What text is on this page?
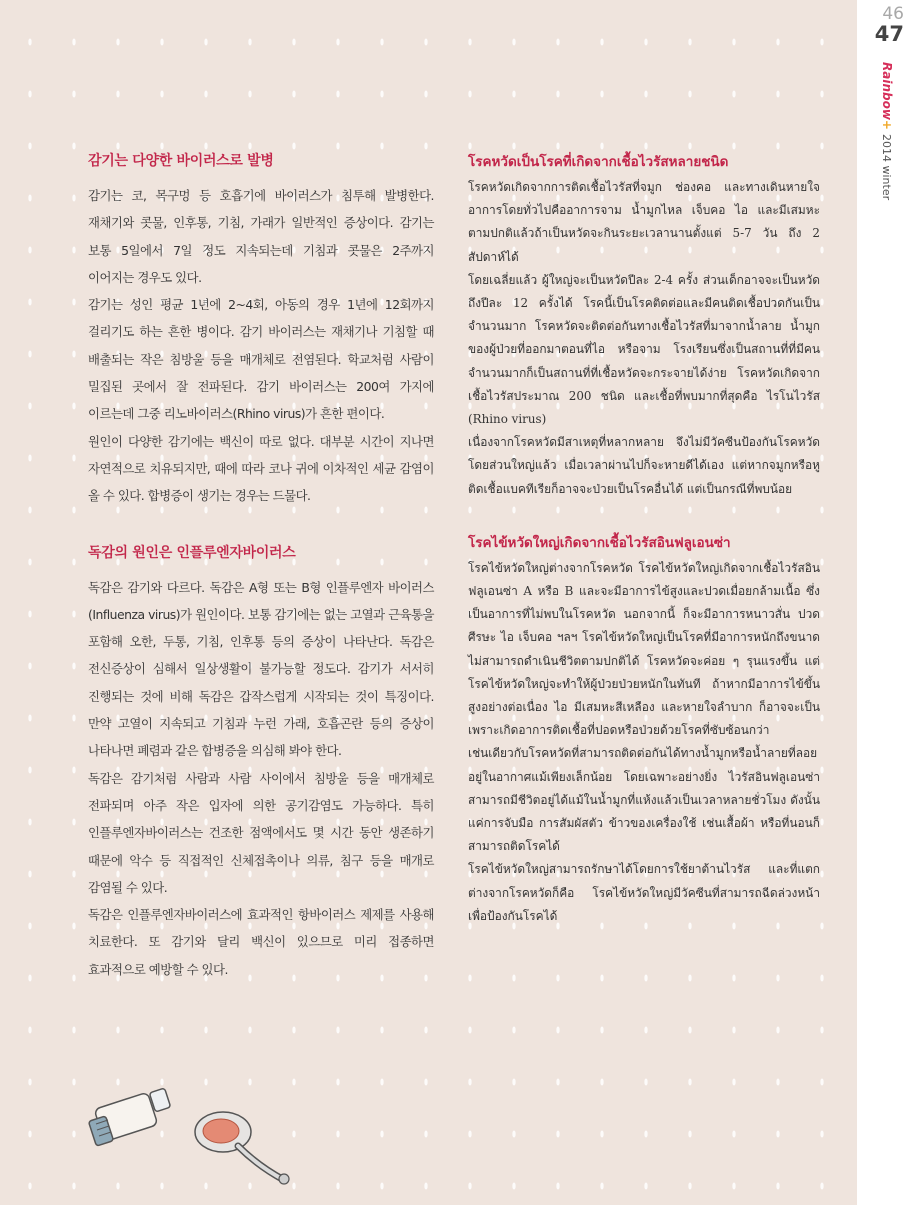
46
47
Rainbow+2014 winter
감기는 다양한 바이러스로 발병

감기는 코, 목구멍 등 호흡기에 바이러스가 침투해 발병한다. 재채기와 콧물, 인후통, 기침, 가래가 일반적인 증상이다. 감기는 보통 5일에서 7일 정도 지속되는데 기침과 콧물은 2주까지 이어지는 경우도 있다.

감기는 성인 평균 1년에 2~4회, 아동의 경우 1년에 12회까지 걸리기도 하는 흔한 병이다. 감기 바이러스는 재채기나 기침할 때 배출되는 작은 침방울 등을 매개체로 전염된다. 학교처럼 사람이 밀집된 곳에서 잘 전파된다. 감기 바이러스는 200여 가지에 이르는데 그중 리노바이러스(Rhino virus)가 흔한 편이다.

원인이 다양한 감기에는 백신이 따로 없다. 대부분 시간이 지나면 자연적으로 치유되지만, 때에 따라 코나 귀에 이차적인 세균 감염이 올 수 있다. 합병증이 생기는 경우는 드물다.

독감의 원인은 인플루엔자바이러스

독감은 감기와 다르다. 독감은 A형 또는 B형 인플루엔자 바이러스(Influenza virus)가 원인이다. 보통 감기에는 없는 고열과 근육통을 포함해 오한, 두통, 기침, 인후통 등의 증상이 나타난다. 독감은 전신증상이 심해서 일상생활이 불가능할 정도다. 감기가 서서히 진행되는 것에 비해 독감은 갑작스럽게 시작되는 것이 특징이다. 만약 고열이 지속되고 기침과 누런 가래, 호흡곤란 등의 증상이 나타나면 폐렴과 같은 합병증을 의심해 봐야 한다.

독감은 감기처럼 사람과 사람 사이에서 침방울 등을 매개체로 전파되며 아주 작은 입자에 의한 공기감염도 가능하다. 특히 인플루엔자바이러스는 건조한 점액에서도 몇 시간 동안 생존하기 때문에 악수 등 직접적인 신체접촉이나 의류, 침구 등을 매개로 감염될 수 있다.

독감은 인플루엔자바이러스에 효과적인 항바이러스 제제를 사용해 치료한다. 또 감기와 달리 백신이 있으므로 미리 접종하면 효과적으로 예방할 수 있다.

โรคหวัดเป็นโรคที่เกิดจากเชื้อไวรัสหลายชนิด

โรคหวัดเกิดจากการติดเชื้อไวรัสที่จมูก ช่องคอ และทางเดินหายใจ อาการโดยทั่วไปคืออาการจาม น้ำมูกไหล เจ็บคอ ไอ และมีเสมหะ ตามปกติแล้วถ้าเป็นหวัดจะกินระยะเวลานานตั้งแต่ 5-7 วัน ถึง 2 สัปดาห์ได้

โดยเฉลี่ยแล้ว ผู้ใหญ่จะเป็นหวัดปีละ 2-4 ครั้ง ส่วนเด็กอาจจะเป็นหวัดถึงปีละ 12 ครั้งได้ โรคนี้เป็นโรคติดต่อและมีคนติดเชื้อปวดกันเป็นจำนวนมาก โรคหวัดจะติดต่อกันทางเชื้อไวรัสที่มาจากน้ำลาย น้ำมูกของผู้ป่วยที่ออกมาตอนที่ไอ หรือจาม โรงเรียนซึ่งเป็นสถานที่ที่มีคนจำนวนมากก็เป็นสถานที่ที่เชื้อหวัดจะกระจายได้ง่าย โรคหวัดเกิดจากเชื้อไวรัสประมาณ 200 ชนิด และเชื้อที่พบมากที่สุดคือ ไรโนไวรัส (Rhino virus)

เนื่องจากโรคหวัดมีสาเหตุที่หลากหลาย จึงไม่มีวัคซีนป้องกันโรคหวัด โดยส่วนใหญ่แล้ว เมื่อเวลาผ่านไปก็จะหายดีได้เอง แต่หากจมูกหรือหูติดเชื้อแบคทีเรียก็อาจจะป่วยเป็นโรคอื่นได้ แต่เป็นกรณีที่พบน้อย

โรคไข้หวัดใหญ่เกิดจากเชื้อไวรัสอินฟลูเอนซ่า

โรคไข้หวัดใหญ่ต่างจากโรคหวัด โรคไข้หวัดใหญ่เกิดจากเชื้อไวรัสอินฟลูเอนซ่า A หรือ B และจะมีอาการไข้สูงและปวดเมื่อยกล้ามเนื้อ ซึ่งเป็นอาการที่ไม่พบในโรคหวัด นอกจากนี้ ก็จะมีอาการหนาวสั่น ปวดศีรษะ ไอ เจ็บคอ ฯลฯ โรคไข้หวัดใหญ่เป็นโรคที่มีอาการหนักถึงขนาดไม่สามารถดำเนินชีวิตตามปกติได้ โรคหวัดจะค่อย ๆ รุนแรงขึ้น แต่โรคไข้หวัดใหญ่จะทำให้ผู้ป่วยป่วยหนักในทันที ถ้าหากมีอาการไข้ขึ้นสูงอย่างต่อเนื่อง ไอ มีเสมหะสีเหลือง และหายใจลำบาก ก็อาจจะเป็นเพราะเกิดอาการติดเชื้อที่ปอดหรือป่วยด้วยโรคที่ซับซ้อนกว่า

เช่นเดียวกับโรคหวัดที่สามารถติดต่อกันได้ทางน้ำมูกหรือน้ำลายที่ลอยอยู่ในอากาศแม้เพียงเล็กน้อย โดยเฉพาะอย่างยิ่ง ไวรัสอินฟลูเอนซ่าสามารถมีชีวิตอยู่ได้แม้ในน้ำมูกที่แห้งแล้วเป็นเวลาหลายชั่วโมง ดังนั้นแค่การจับมือ การสัมผัสตัว ข้าวของเครื่องใช้ เช่นเสื้อผ้า หรือที่นอนก็สามารถติดโรคได้

โรคไข้หวัดใหญ่สามารถรักษาได้โดยการใช้ยาต้านไวรัส และที่แตกต่างจากโรคหวัดก็คือ โรคไข้หวัดใหญ่มีวัคซีนที่สามารถฉีดล่วงหน้าเพื่อป้องกันโรคได้
